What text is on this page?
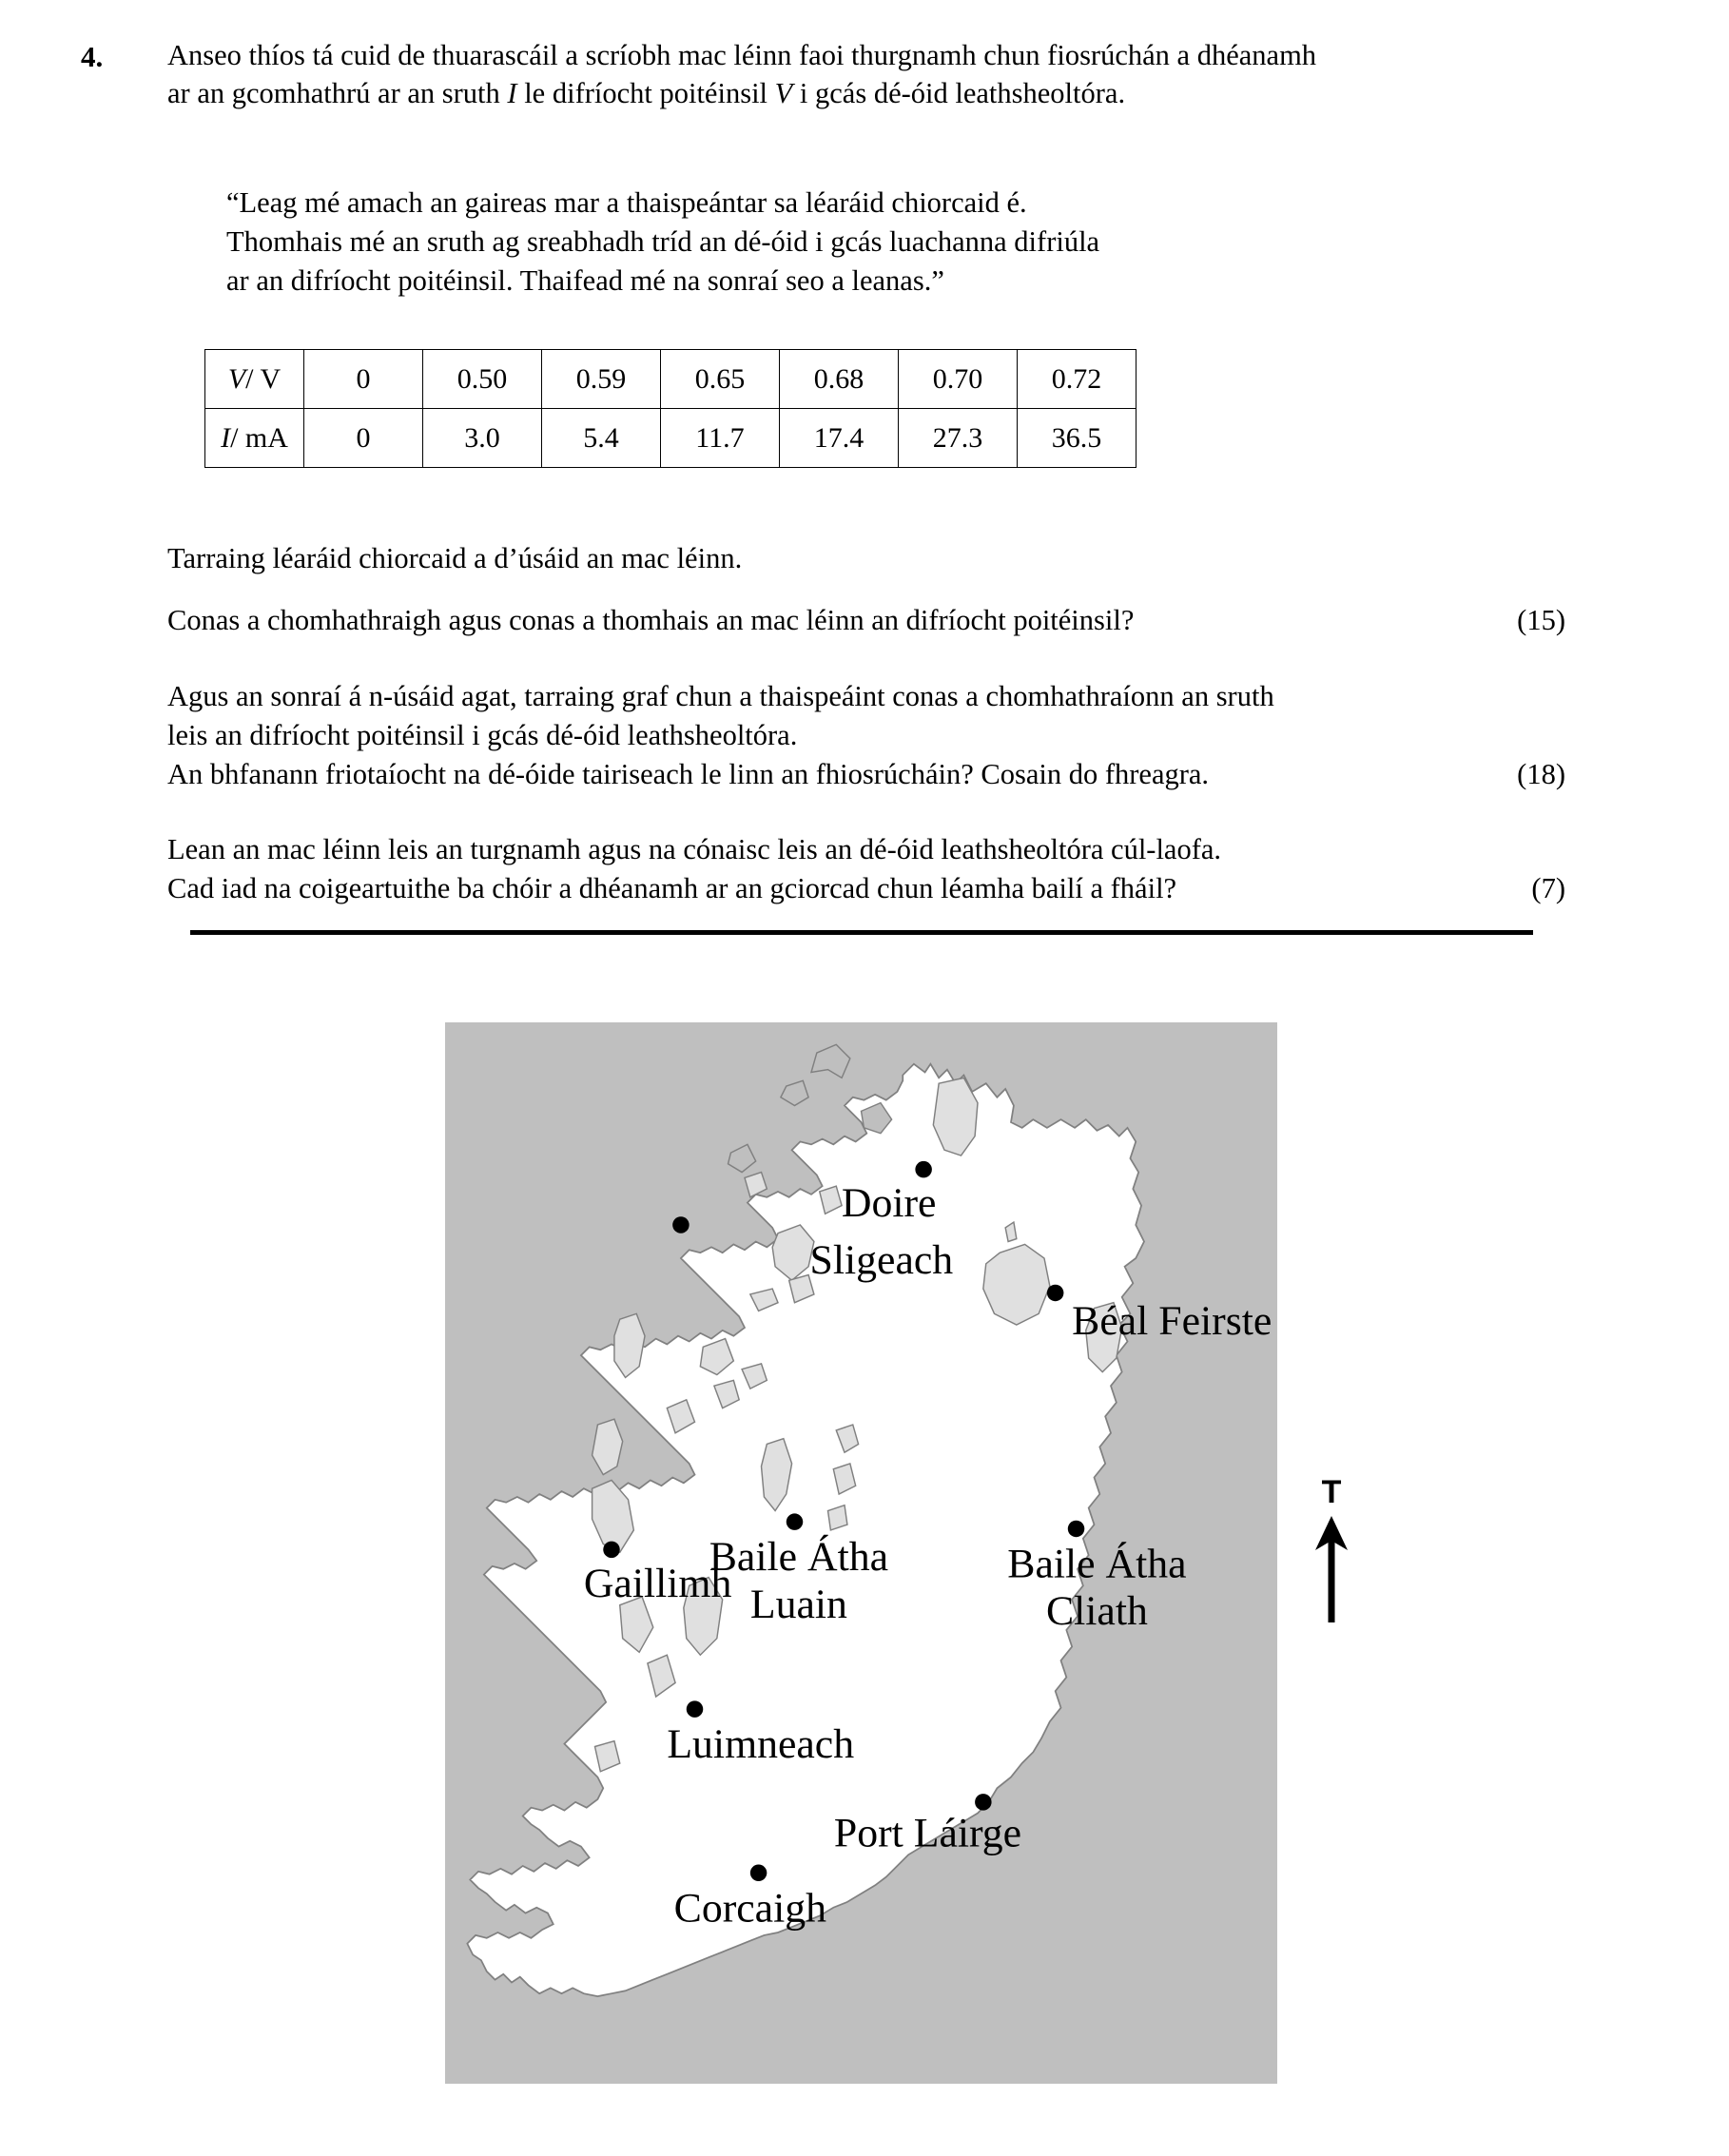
4. Anseo thíos tá cuid de thuarascáil a scríobh mac léinn faoi thurgnamh chun fiosrúchán a dhéanamh
ar an gcomhathrú ar an sruth I le difríocht poitéinsil V i gcás dé-óid leathsheoltóra.
“Leag mé amach an gaireas mar a thaispeántar sa léaráid chiorcaid é.
Thomhais mé an sruth ag sreabhadh tríd an dé-óid i gcás luachanna difriúla
ar an difríocht poitéinsil. Thaifead mé na sonraí seo a leanas.”
V/ V	0	0.50	0.59	0.65	0.68	0.70	0.72
I/ mA	0	3.0	5.4	11.7	17.4	27.3	36.5
Tarraing léaráid chiorcaid a d’úsáid an mac léinn.
Conas a chomhathraigh agus conas a thomhais an mac léinn an difríocht poitéinsil?	(15)
Agus an sonraí á n-úsáid agat, tarraing graf chun a thaispeáint conas a chomhathraíonn an sruth
leis an difríocht poitéinsil i gcás dé-óid leathsheoltóra.
An bhfanann friotaíocht na dé-óide tairiseach le linn an fhiosrúcháin? Cosain do fhreagra.	(18)
Lean an mac léinn leis an turgnamh agus na cónaisc leis an dé-óid leathsheoltóra cúl-laofa.
Cad iad na coigeartuithe ba chóir a dhéanamh ar an gciorcad chun léamha bailí a fháil?	(7)
Doire
Béal Feirste
Sligeach
Baile Átha Luain
Gaillimh	Baile Átha Cliath
Luimneach
Port Láirge
Corcaigh
T
